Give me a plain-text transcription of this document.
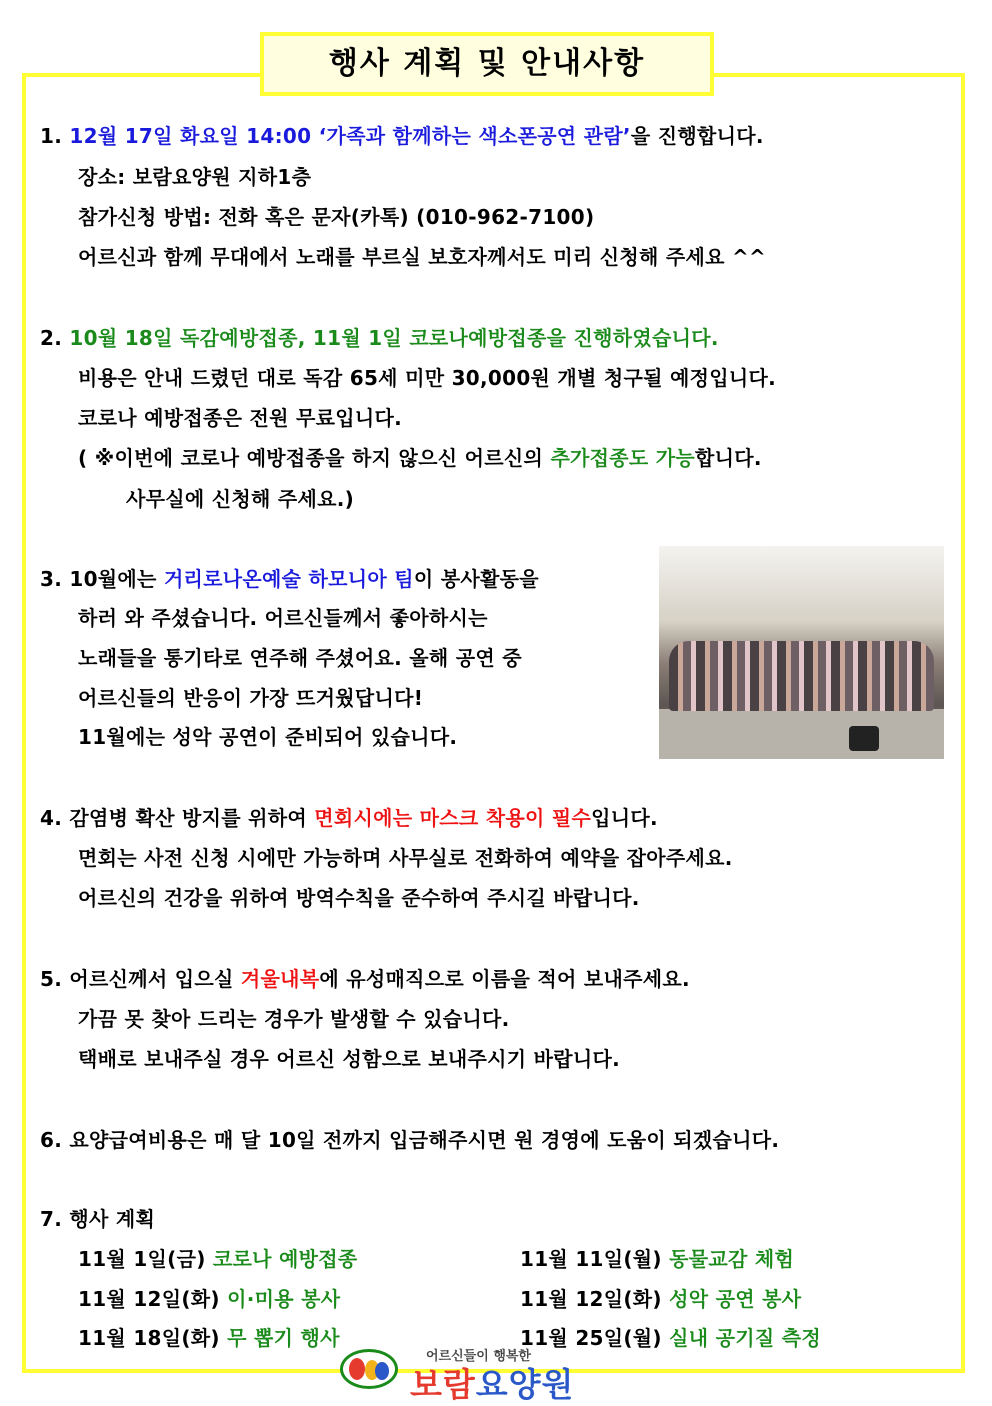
행사 계획 및 안내사항
1. 12월 17일 화요일 14:00 ‘가족과 함께하는 색소폰공연 관람’을 진행합니다.
장소: 보람요양원 지하1층
참가신청 방법: 전화 혹은 문자(카톡) (010-962-7100)
어르신과 함께 무대에서 노래를 부르실 보호자께서도 미리 신청해 주세요 ^^
2. 10월 18일 독감예방접종, 11월 1일 코로나예방접종을 진행하였습니다.
비용은 안내 드렸던 대로 독감 65세 미만 30,000원 개별 청구될 예정입니다.
코로나 예방접종은 전원 무료입니다.
( ※이번에 코로나 예방접종을 하지 않으신 어르신의 추가접종도 가능합니다.
사무실에 신청해 주세요.)
3. 10월에는 거리로나온예술 하모니아 팀이 봉사활동을
하러 와 주셨습니다. 어르신들께서 좋아하시는
노래들을 통기타로 연주해 주셨어요. 올해 공연 중
어르신들의 반응이 가장 뜨거웠답니다!
11월에는 성악 공연이 준비되어 있습니다.
4. 감염병 확산 방지를 위하여 면회시에는 마스크 착용이 필수입니다.
면회는 사전 신청 시에만 가능하며 사무실로 전화하여 예약을 잡아주세요.
어르신의 건강을 위하여 방역수칙을 준수하여 주시길 바랍니다.
5. 어르신께서 입으실 겨울내복에 유성매직으로 이름을 적어 보내주세요.
가끔 못 찾아 드리는 경우가 발생할 수 있습니다.
택배로 보내주실 경우 어르신 성함으로 보내주시기 바랍니다.
6. 요양급여비용은 매 달 10일 전까지 입금해주시면 원 경영에 도움이 되겠습니다.
7. 행사 계획
11월 1일(금) 코로나 예방접종	11월 11일(월) 동물교감 체험
11월 12일(화) 이·미용 봉사	11월 12일(화) 성악 공연 봉사
11월 18일(화) 무 뽑기 행사	11월 25일(월) 실내 공기질 측정
어르신들이 행복한
보람요양원
